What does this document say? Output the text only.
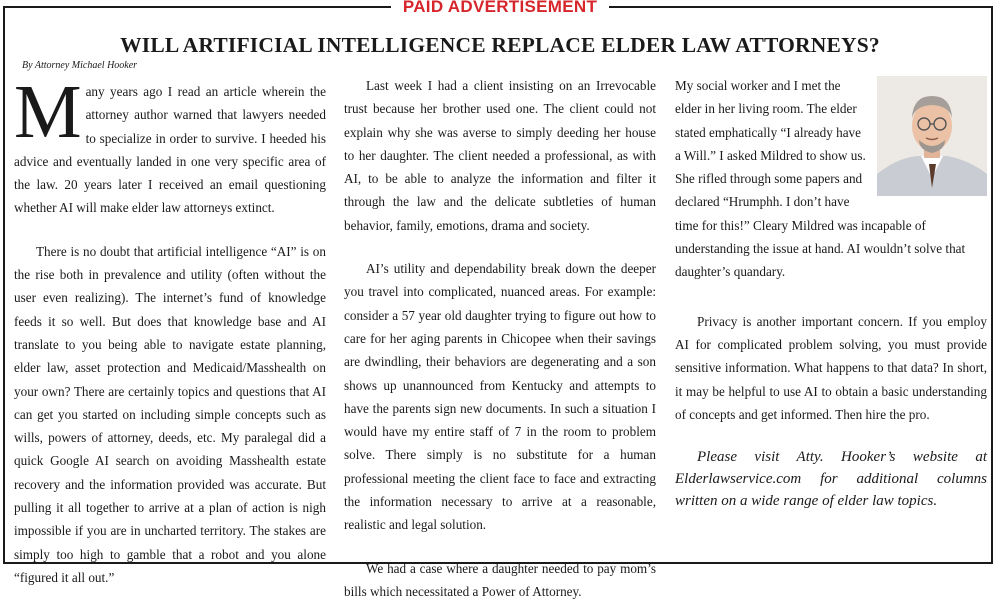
PAID ADVERTISEMENT
WILL ARTIFICIAL INTELLIGENCE REPLACE ELDER LAW ATTORNEYS?
By Attorney Michael Hooker

Many years ago I read an article wherein the attorney author warned that lawyers needed to specialize in order to survive. I heeded his advice and eventually landed in one very specific area of the law. 20 years later I received an email questioning whether AI will make elder law attorneys extinct.

There is no doubt that artificial intelligence “AI” is on the rise both in prevalence and utility (often without the user even realizing). The internet’s fund of knowledge feeds it so well. But does that knowledge base and AI translate to you being able to navigate estate planning, elder law, asset protection and Medicaid/Masshealth on your own? There are certainly topics and questions that AI can get you started on including simple concepts such as wills, powers of attorney, deeds, etc. My paralegal did a quick Google AI search on avoiding Masshealth estate recovery and the information provided was accurate. But pulling it all together to arrive at a plan of action is nigh impossible if you are in uncharted territory. The stakes are simply too high to gamble that a robot and you alone “figured it all out.”

Last week I had a client insisting on an Irrevocable trust because her brother used one. The client could not explain why she was averse to simply deeding her house to her daughter. The client needed a professional, as with AI, to be able to analyze the information and filter it through the law and the delicate subtleties of human behavior, family, emotions, drama and society.

AI’s utility and dependability break down the deeper you travel into complicated, nuanced areas. For example: consider a 57 year old daughter trying to figure out how to care for her aging parents in Chicopee when their savings are dwindling, their behaviors are degenerating and a son shows up unannounced from Kentucky and attempts to have the parents sign new documents. In such a situation I would have my entire staff of 7 in the room to problem solve. There simply is no substitute for a human professional meeting the client face to face and extracting the information necessary to arrive at a reasonable, realistic and legal solution.

We had a case where a daughter needed to pay mom’s bills which necessitated a Power of Attorney.

My social worker and I met the elder in her living room. The elder stated emphatically “I already have a Will.” I asked Mildred to show us. She rifled through some papers and declared “Hrumphh. I don’t have time for this!” Cleary Mildred was incapable of understanding the issue at hand. AI wouldn’t solve that daughter’s quandary.

Privacy is another important concern. If you employ AI for complicated problem solving, you must provide sensitive information. What happens to that data? In short, it may be helpful to use AI to obtain a basic understanding of concepts and get informed. Then hire the pro.

Please visit Atty. Hooker’s website at Elderlawservice.com for additional columns written on a wide range of elder law topics.
